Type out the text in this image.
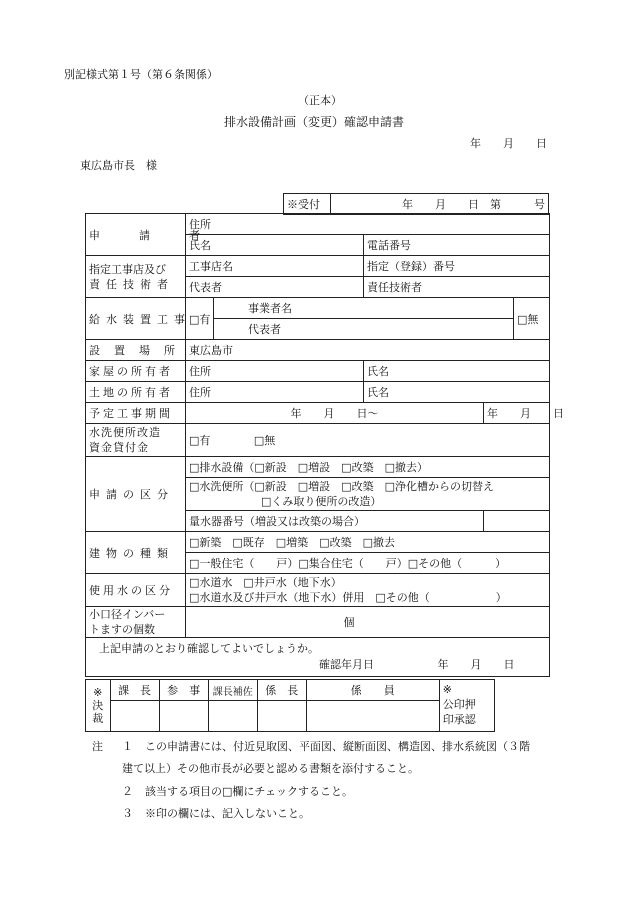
別記様式第１号（第６条関係）
（正本）
排水設備計画（変更）確認申請書
年　　月　　日
東広島市長　様
※受付	年　　月　　日　第　　　号
申　請　者	住所				
	氏名		電話番号		
指定工事店及び
責任技術者	工事店名		指定（登録）番号		
	代表者		責任技術者		
給水装置工事	□有	事業者名			□無
		代表者			
設置場所	東広島市				
家屋の所有者	住所		氏名		
土地の所有者	住所		氏名		
予定工事期間	年　　月　　日～			年　　月　　日	
水洗便所改造
資金貸付金	□有 □無				
申請の区分	□排水設備（□新設　□増設　□改築　□撤去）				
	□水洗便所（□新設　□増設　□改築　□浄化槽からの切替え
□くみ取り便所の改造）				
	量水器番号（増設又は改築の場合）				
建物の種類	□新築　□既存　□増築　□改築　□撤去				
	□一般住宅（　　戸）□集合住宅（　　戸）□その他（　　　）				
使用水の区分	□水道水　□井戸水（地下水）
□水道水及び井戸水（地下水）併用　□その他（　　　　　　）				
小口径インバー
トますの個数	個				
上記申請のとおり確認してよいでしょうか。
確認年月日 年　　月　　日					
※
決裁	課　長	参　事	課長補佐	係　長	係　　員	※
公印押
印承認

注 １ この申請書には、付近見取図、平面図、縦断面図、構造図、排水系統図（３階
建て以上）その他市長が必要と認める書類を添付すること。
２ 該当する項目の□欄にチェックすること。
３ ※印の欄には、記入しないこと。
